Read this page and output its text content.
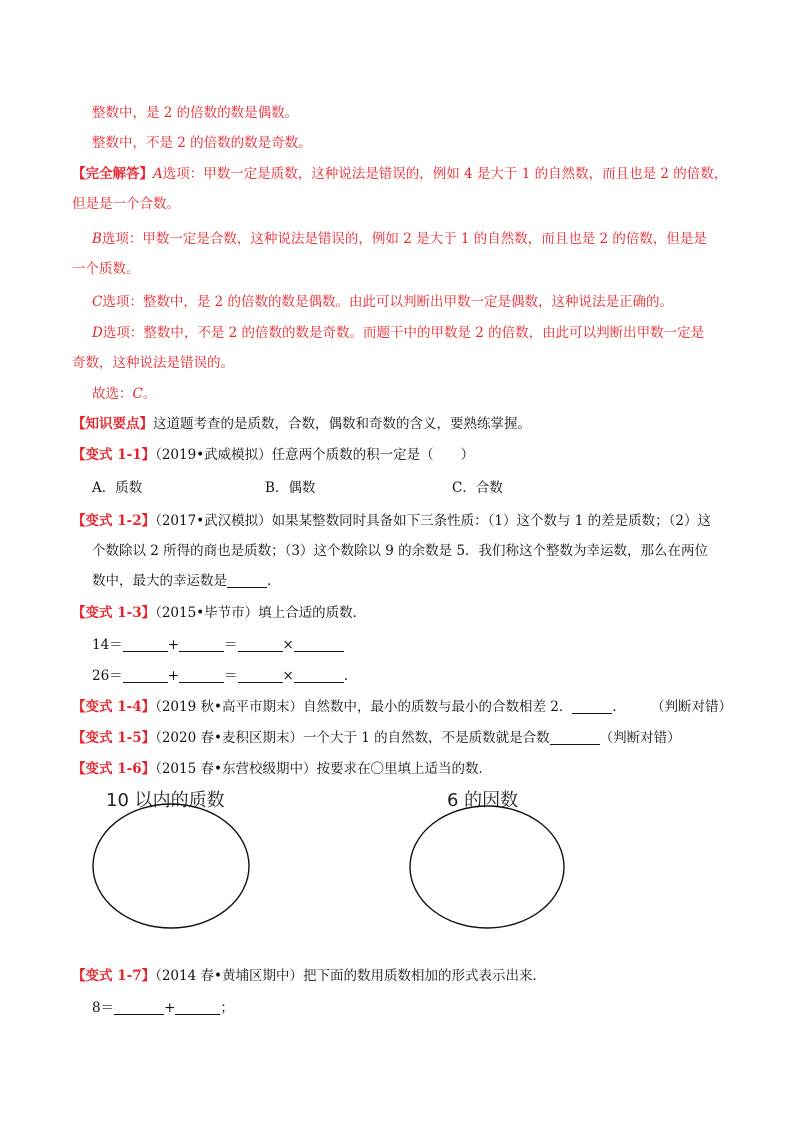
整数中，是 2 的倍数的数是偶数。
整数中，不是 2 的倍数的数是奇数。
【完全解答】A选项：甲数一定是质数，这种说法是错误的，例如 4 是大于 1 的自然数，而且也是 2 的倍数，
但是是一个合数。
B选项：甲数一定是合数，这种说法是错误的，例如 2 是大于 1 的自然数，而且也是 2 的倍数，但是是
一个质数。
C选项：整数中，是 2 的倍数的数是偶数。由此可以判断出甲数一定是偶数，这种说法是正确的。
D选项：整数中，不是 2 的倍数的数是奇数。而题干中的甲数是 2 的倍数，由此可以判断出甲数一定是
奇数，这种说法是错误的。
故选：C。
【知识要点】这道题考查的是质数，合数，偶数和奇数的含义，要熟练掌握。
【变式 1-1】（2019•武威模拟）任意两个质数的积一定是（　　）
A．质数	B．偶数	C．合数
【变式 1-2】（2017•武汉模拟）如果某整数同时具备如下三条性质：（1）这个数与 1 的差是质数；（2）这
个数除以 2 所得的商也是质数；（3）这个数除以 9 的余数是 5．我们称这个整数为幸运数，那么在两位
数中，最大的幸运数是	．
【变式 1-3】（2015•毕节市）填上合适的质数．
14＝	+	＝	×
26＝	+	＝	×	．
【变式 1-4】（2019 秋•高平市期末）自然数中，最小的质数与最小的合数相差 2．	． （判断对错）
【变式 1-5】（2020 春•麦积区期末）一个大于 1 的自然数，不是质数就是合数	（判断对错）
【变式 1-6】（2015 春•东营校级期中）按要求在〇里填上适当的数．
10 以内的质数	6 的因数
【变式 1-7】（2014 春•黄埔区期中）把下面的数用质数相加的形式表示出来．
8＝	+	；
